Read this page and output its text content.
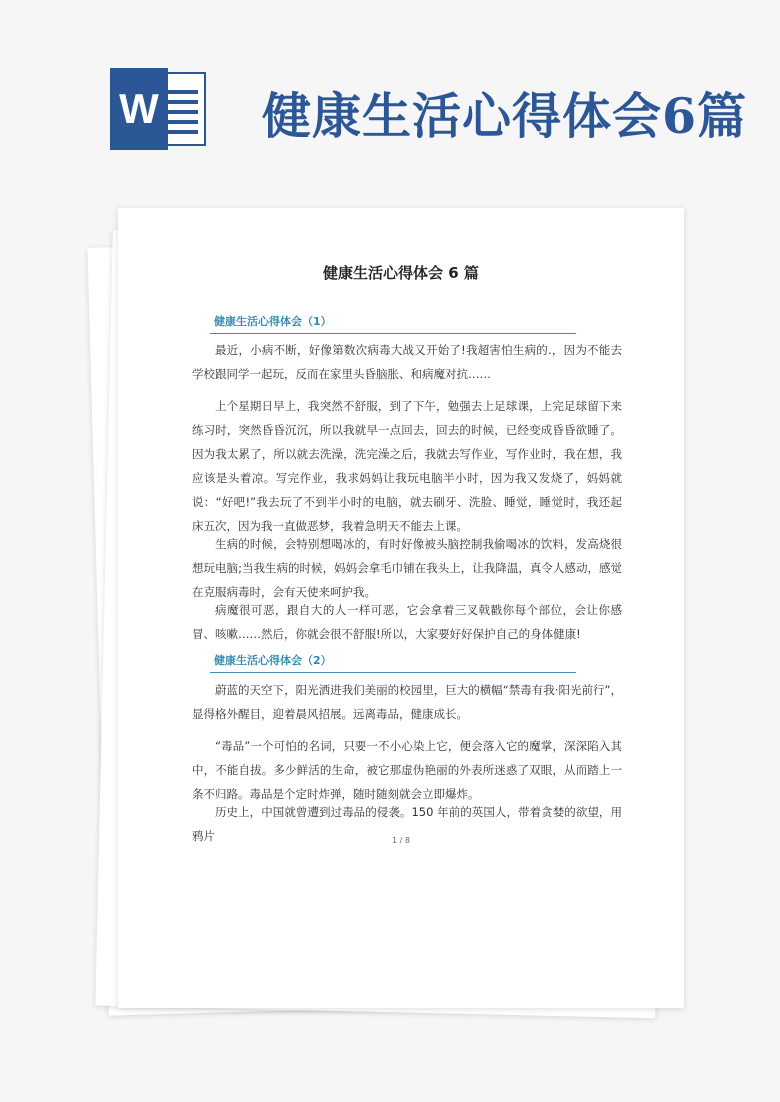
W 健康生活心得体会6篇
健康生活心得体会 6 篇
健康生活心得体会（1）

最近，小病不断，好像第数次病毒大战又开始了!我超害怕生病的.，因为不能去学校跟同学一起玩，反而在家里头昏脑胀、和病魔对抗……

上个星期日早上，我突然不舒服，到了下午，勉强去上足球课，上完足球留下来练习时，突然昏昏沉沉，所以我就早一点回去，回去的时候，已经变成昏昏欲睡了。因为我太累了，所以就去洗澡，洗完澡之后，我就去写作业，写作业时，我在想，我应该是头着凉。写完作业，我求妈妈让我玩电脑半小时，因为我又发烧了，妈妈就说：“好吧!”我去玩了不到半小时的电脑，就去刷牙、洗脸、睡觉，睡觉时，我还起床五次，因为我一直做恶梦，我着急明天不能去上课。

生病的时候，会特别想喝冰的，有时好像被头脑控制我偷喝冰的饮料，发高烧很想玩电脑;当我生病的时候，妈妈会拿毛巾铺在我头上，让我降温，真令人感动，感觉在克服病毒时，会有天使来呵护我。

病魔很可恶，跟自大的人一样可恶，它会拿着三叉戟戳你每个部位，会让你感冒、咳嗽……然后，你就会很不舒服!所以，大家要好好保护自己的身体健康!

健康生活心得体会（2）

蔚蓝的天空下，阳光洒进我们美丽的校园里，巨大的横幅“禁毒有我·阳光前行”，显得格外醒目，迎着晨风招展。远离毒品，健康成长。

“毒品”一个可怕的名词，只要一不小心染上它，便会落入它的魔掌，深深陷入其中，不能自拔。多少鲜活的生命，被它那虚伪艳丽的外表所迷惑了双眼，从而踏上一条不归路。毒品是个定时炸弹，随时随刻就会立即爆炸。

历史上，中国就曾遭到过毒品的侵袭。150 年前的英国人，带着贪婪的欲望，用鸦片	1 / 8
